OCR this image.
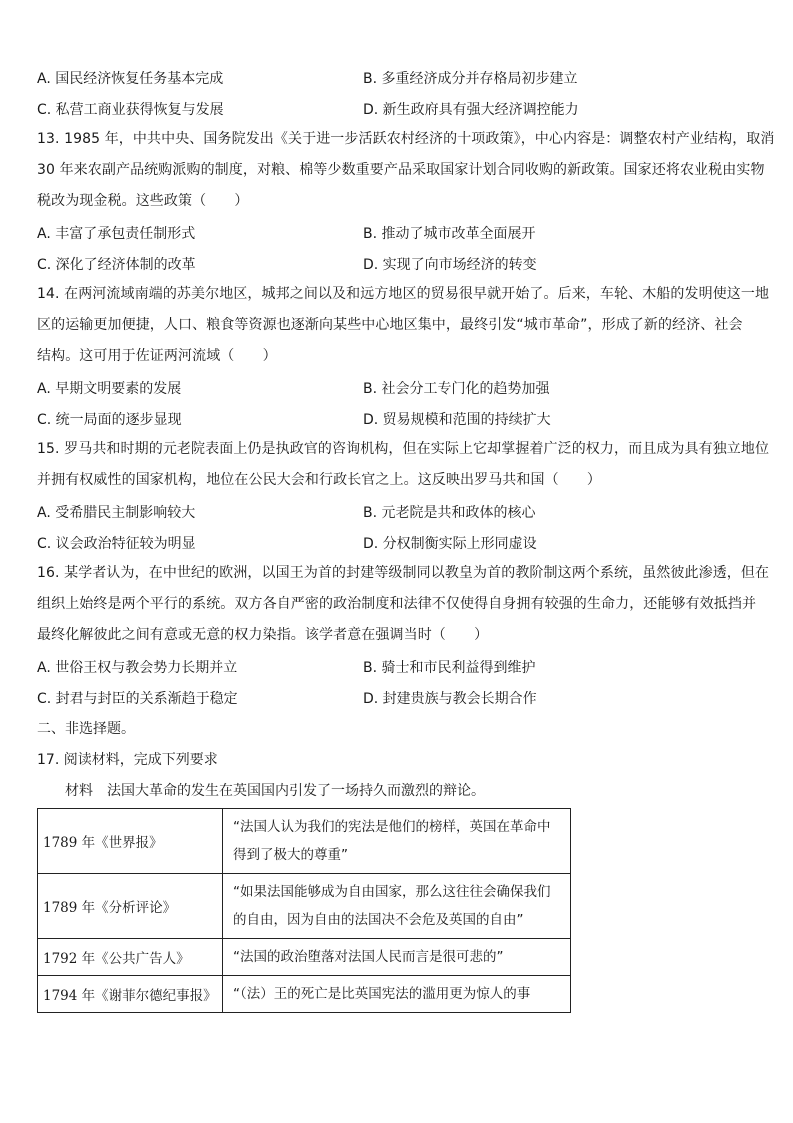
A. 国民经济恢复任务基本完成	B. 多重经济成分并存格局初步建立
C. 私营工商业获得恢复与发展	D. 新生政府具有强大经济调控能力
13. 1985 年，中共中央、国务院发出《关于进一步活跃农村经济的十项政策》，中心内容是：调整农村产业结构，取消
30 年来农副产品统购派购的制度，对粮、棉等少数重要产品采取国家计划合同收购的新政策。国家还将农业税由实物
税改为现金税。这些政策（　　）
A. 丰富了承包责任制形式	B. 推动了城市改革全面展开
C. 深化了经济体制的改革	D. 实现了向市场经济的转变
14. 在两河流域南端的苏美尔地区，城邦之间以及和远方地区的贸易很早就开始了。后来，车轮、木船的发明使这一地
区的运输更加便捷，人口、粮食等资源也逐渐向某些中心地区集中，最终引发“城市革命”，形成了新的经济、社会
结构。这可用于佐证两河流域（　　）
A. 早期文明要素的发展	B. 社会分工专门化的趋势加强
C. 统一局面的逐步显现	D. 贸易规模和范围的持续扩大
15. 罗马共和时期的元老院表面上仍是执政官的咨询机构，但在实际上它却掌握着广泛的权力，而且成为具有独立地位
并拥有权威性的国家机构，地位在公民大会和行政长官之上。这反映出罗马共和国（　　）
A. 受希腊民主制影响较大	B. 元老院是共和政体的核心
C. 议会政治特征较为明显	D. 分权制衡实际上形同虚设
16. 某学者认为，在中世纪的欧洲，以国王为首的封建等级制同以教皇为首的教阶制这两个系统，虽然彼此渗透，但在
组织上始终是两个平行的系统。双方各自严密的政治制度和法律不仅使得自身拥有较强的生命力，还能够有效抵挡并
最终化解彼此之间有意或无意的权力染指。该学者意在强调当时（　　）
A. 世俗王权与教会势力长期并立	B. 骑士和市民利益得到维护
C. 封君与封臣的关系渐趋于稳定	D. 封建贵族与教会长期合作
二、非选择题。
17. 阅读材料，完成下列要求
材料　法国大革命的发生在英国国内引发了一场持久而激烈的辩论。
1789 年《世界报》	“法国人认为我们的宪法是他们的榜样，英国在革命中得到了极大的尊重”
1789 年《分析评论》	“如果法国能够成为自由国家，那么这往往会确保我们的自由，因为自由的法国决不会危及英国的自由”
1792 年《公共广告人》	“法国的政治堕落对法国人民而言是很可悲的”
1794 年《谢菲尔德纪事报》	“（法）王的死亡是比英国宪法的滥用更为惊人的事
